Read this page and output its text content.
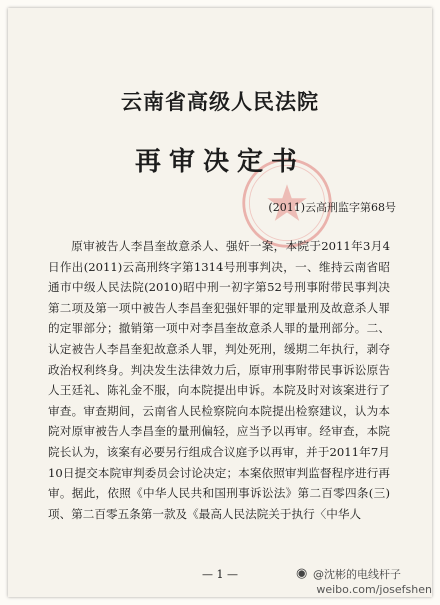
云南省高级人民法院
再审决定书
(2011)云高刑监字第68号

原审被告人李昌奎故意杀人、强奸一案，本院于2011年3月4日作出(2011)云高刑终字第1314号刑事判决，一、维持云南省昭通市中级人民法院(2010)昭中刑一初字第52号刑事附带民事判决第二项及第一项中被告人李昌奎犯强奸罪的定罪量刑及故意杀人罪的定罪部分；撤销第一项中对李昌奎故意杀人罪的量刑部分。二、认定被告人李昌奎犯故意杀人罪，判处死刑，缓期二年执行，剥夺政治权利终身。判决发生法律效力后，原审刑事附带民事诉讼原告人王廷礼、陈礼金不服，向本院提出申诉。本院及时对该案进行了审查。审查期间，云南省人民检察院向本院提出检察建议，认为本院对原审被告人李昌奎的量刑偏轻，应当予以再审。经审查，本院院长认为，该案有必要另行组成合议庭予以再审，并于2011年7月10日提交本院审判委员会讨论决定；本案依照审判监督程序进行再审。据此，依照《中华人民共和国刑事诉讼法》第二百零四条(三)项、第二百零五条第一款及《最高人民法院关于执行〈中华人

— 1 —	◉ @沈彬的电线杆子
weibo.com/josefshen
